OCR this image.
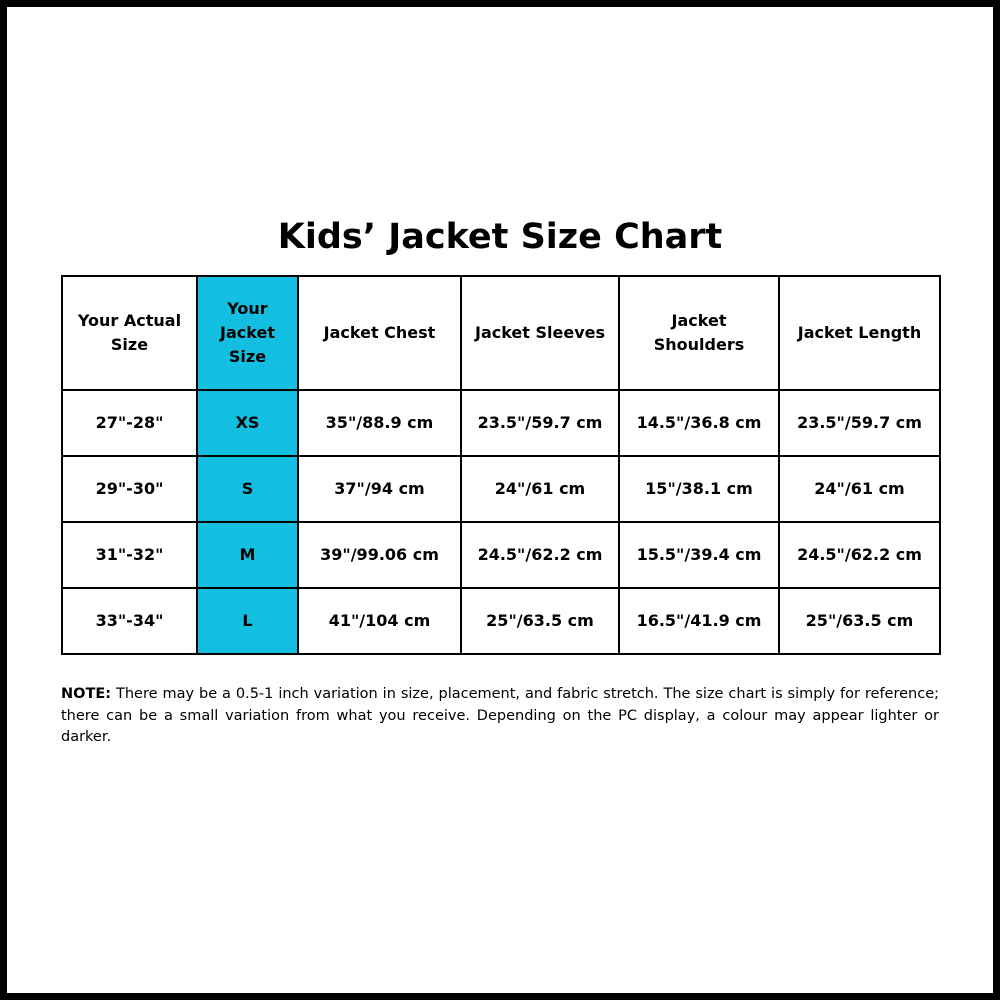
Kids’ Jacket Size Chart
Your Actual Size	Your Jacket Size	Jacket Chest	Jacket Sleeves	Jacket Shoulders	Jacket Length
27"-28"	XS	35"/88.9 cm	23.5"/59.7 cm	14.5"/36.8 cm	23.5"/59.7 cm
29"-30"	S	37"/94 cm	24"/61 cm	15"/38.1 cm	24"/61 cm
31"-32"	M	39"/99.06 cm	24.5"/62.2 cm	15.5"/39.4 cm	24.5"/62.2 cm
33"-34"	L	41"/104 cm	25"/63.5 cm	16.5"/41.9 cm	25"/63.5 cm

NOTE: There may be a 0.5-1 inch variation in size, placement, and fabric stretch. The size chart is simply for reference; there can be a small variation from what you receive. Depending on the PC display, a colour may appear lighter or darker.
